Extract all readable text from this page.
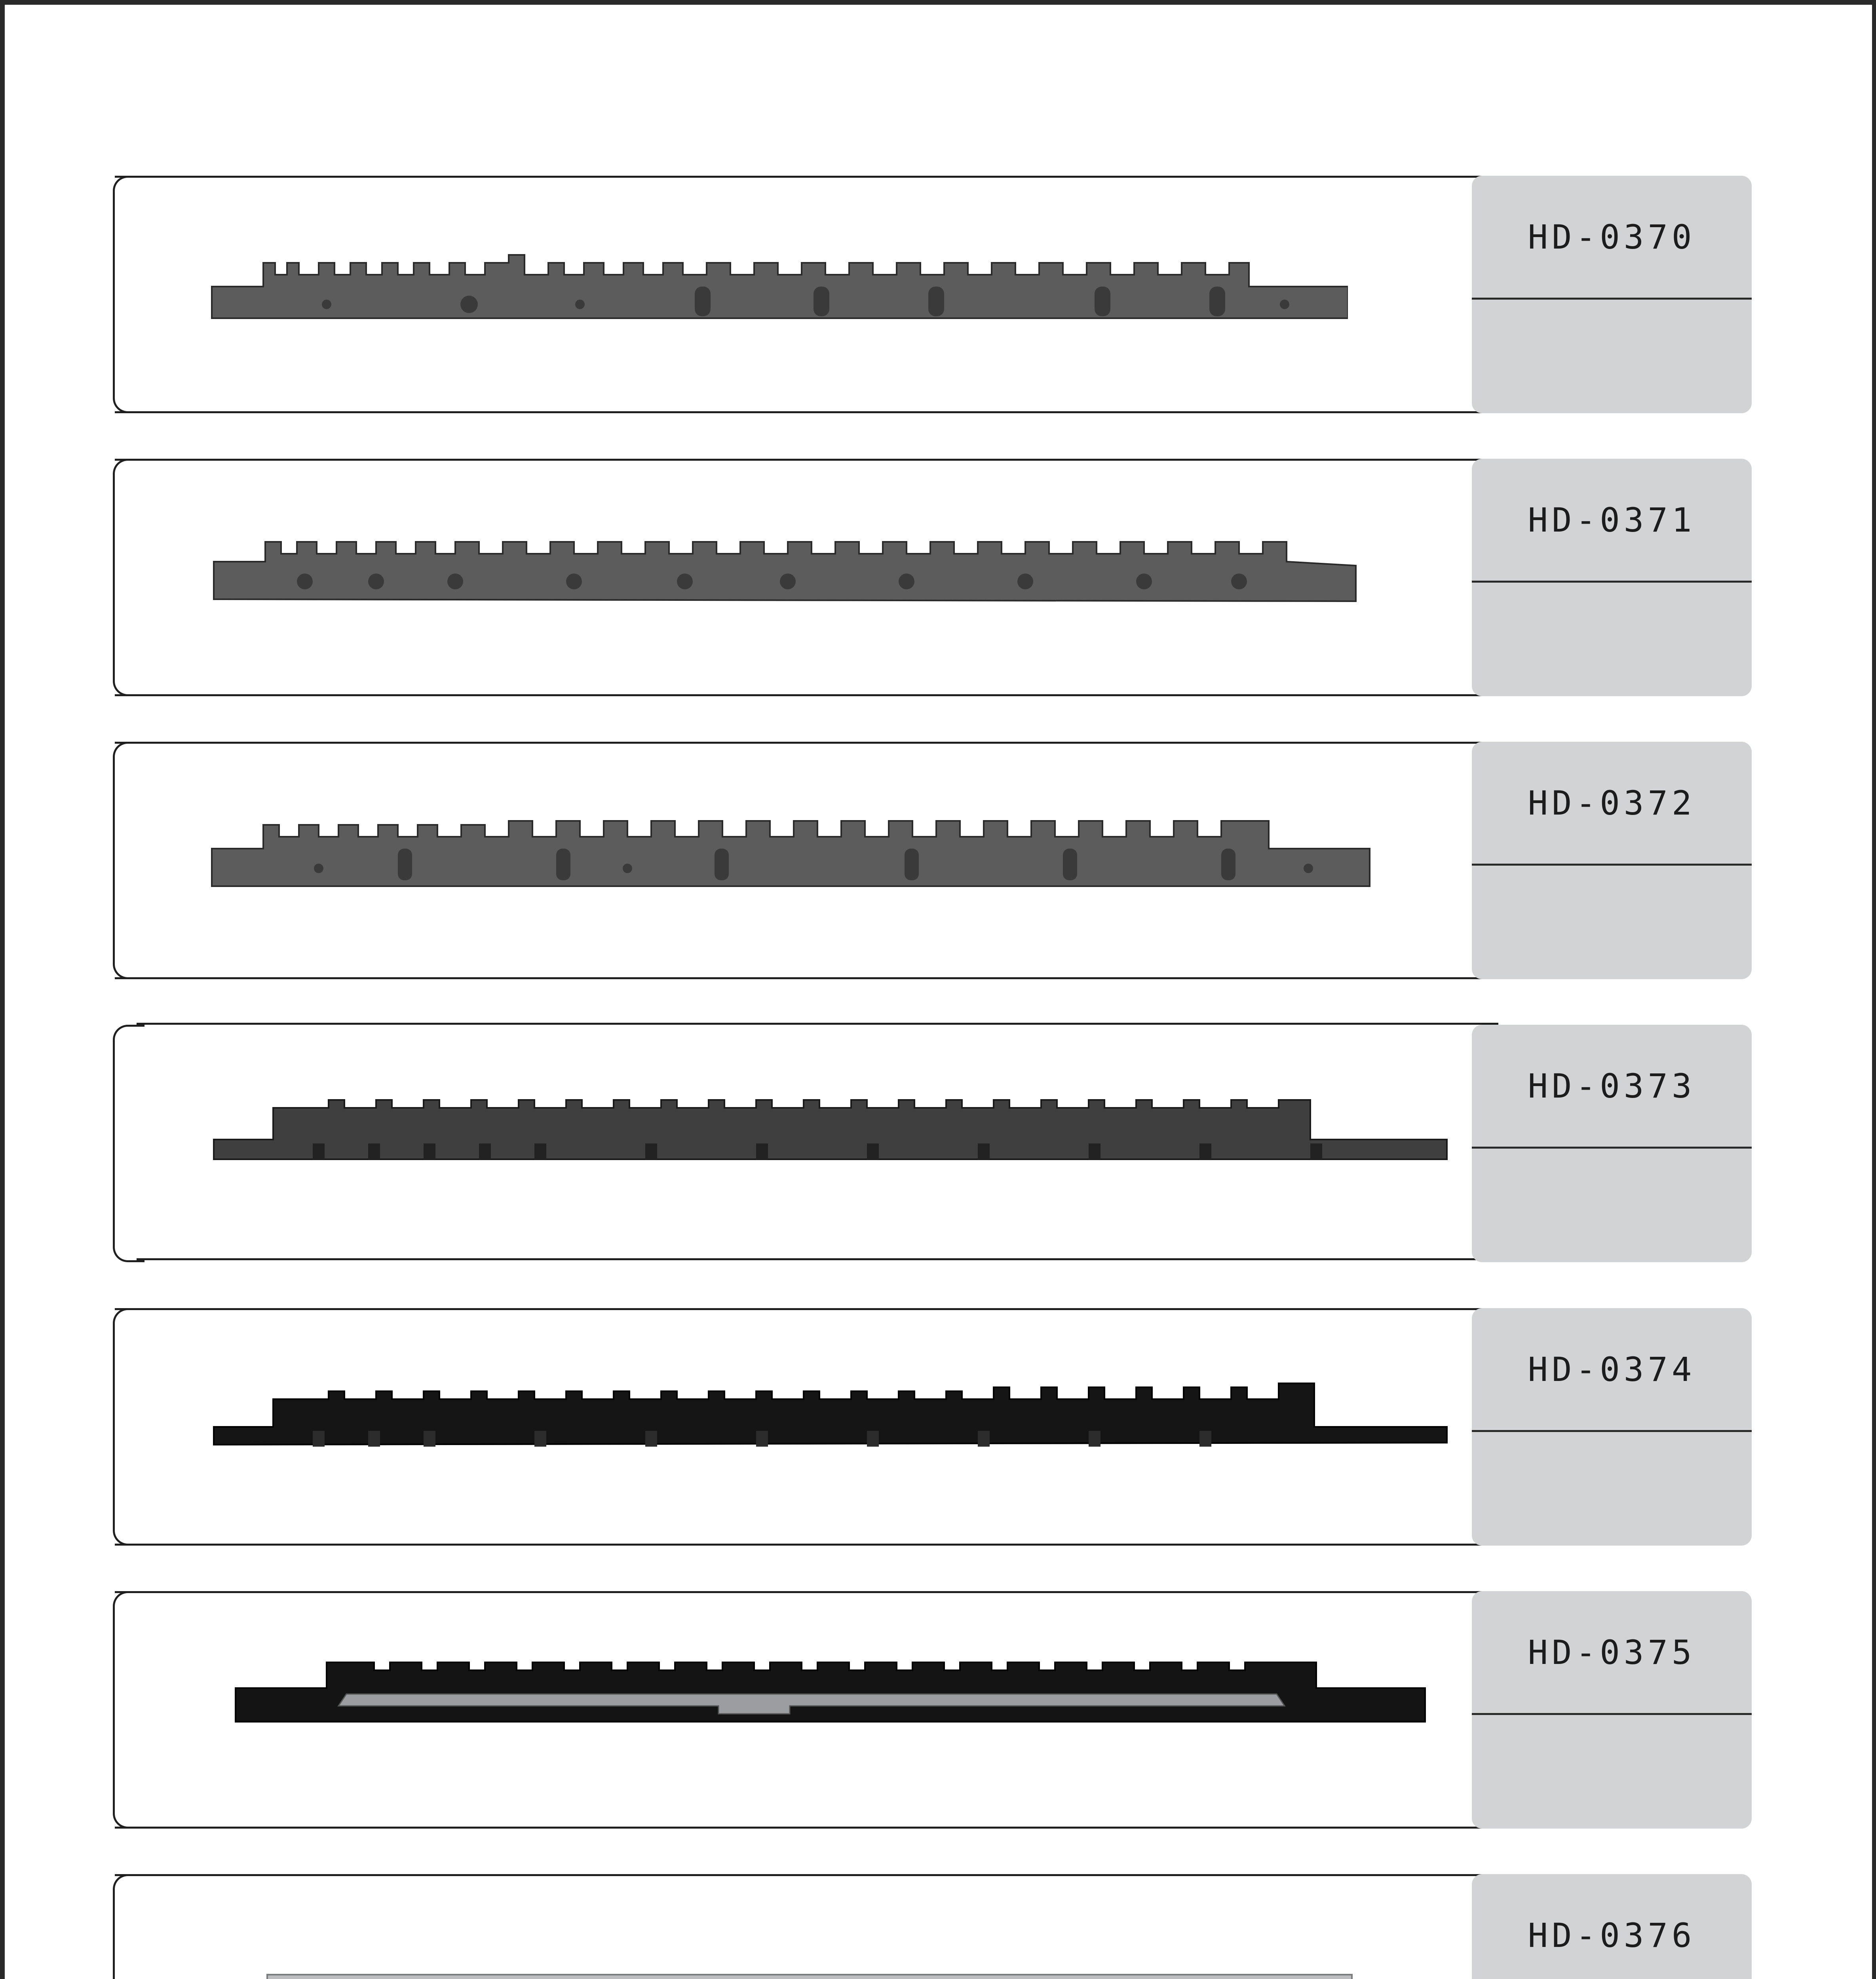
HD-0370
HD-0371
HD-0372
HD-0373
HD-0374
HD-0375
HD-0376
